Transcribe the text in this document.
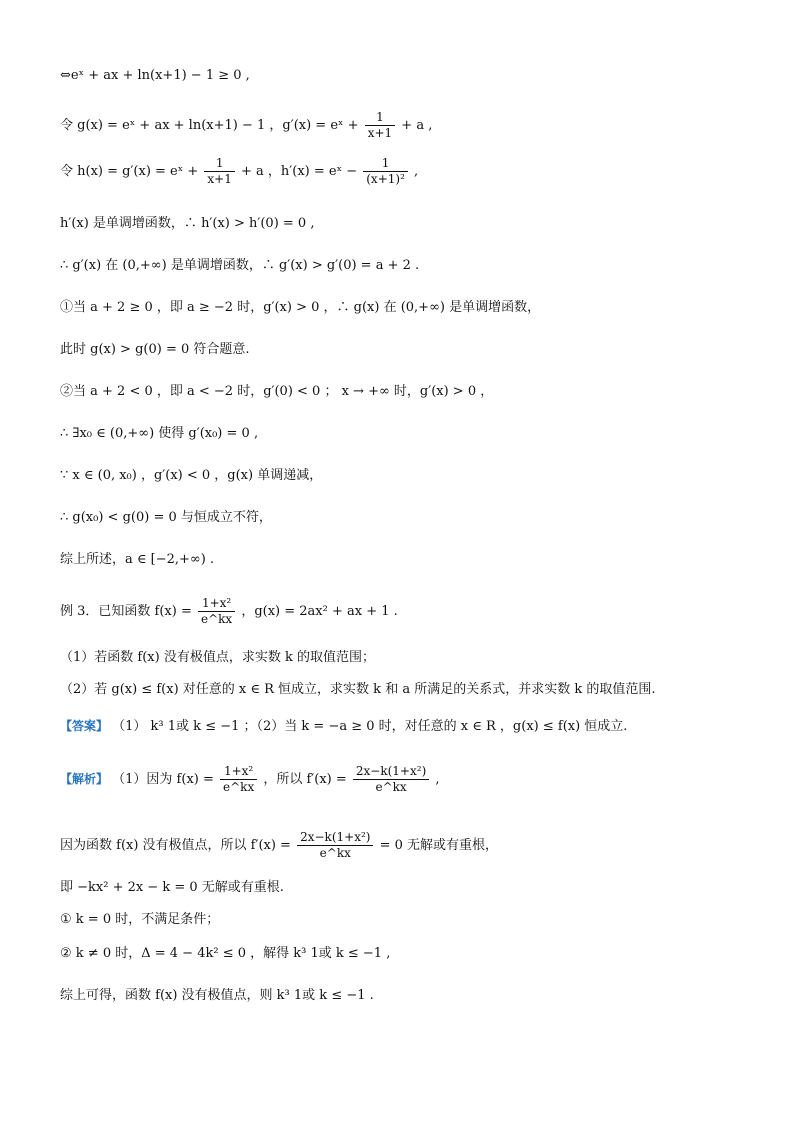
⇔eˣ + ax + ln(x+1) − 1 ≥ 0 ,
令 g(x) = eˣ + ax + ln(x+1) − 1 ，g′(x) = eˣ + $\frac{1}{x+1} + a$ ,
令 h(x) = g′(x) = eˣ + $\frac{1}{x+1} + a$ ，h′(x) = eˣ − $\frac{1}{\text{(x+1)²}}$ ,
h′(x) 是单调增函数，∴ h′(x) > h′(0) = 0 ,
∴ g′(x) 在 (0,+∞) 是单调增函数，∴ g′(x) > g′(0) = a + 2 .
①当 a + 2 ≥ 0 ，即 a ≥ −2 时，g′(x) > 0 ，∴ g(x) 在 (0,+∞) 是单调增函数，
此时 g(x) > g(0) = 0 符合题意.
②当 a + 2 < 0 ，即 a < −2 时，g′(0) < 0 ； x → +∞ 时，g′(x) > 0 ，
∴ ∃x₀ ∈ (0,+∞) 使得 g′(x₀) = 0 ,
∵ x ∈ (0, x₀) ，g′(x) < 0 ，g(x) 单调递减，
∴ g(x₀) < g(0) = 0 与恒成立不符，
综上所述，a ∈ [−2,+∞) .
例 3．已知函数 $f(x) = \frac{\text{1+x²}}{e\^{}kx}$ ，g(x) = 2ax² + ax + 1 .
（1）若函数 f(x) 没有极值点，求实数 k 的取值范围；
（2）若 g(x) ≤ f(x) 对任意的 x ∈ R 恒成立，求实数 k 和 a 所满足的关系式，并求实数 k 的取值范围.
【答案】 （1） k³ 1或 k ≤ −1 ；（2）当 k = −a ≥ 0 时，对任意的 x ∈ R ，g(x) ≤ f(x) 恒成立.
【解析】 （1）因为 $f(x) = \frac{\text{1+x²}}{e\^{}kx}$ ，所以 $f'(x) = \frac{\text{2x−k(1+x²)}}{e\^{}kx}$ ,
因为函数 f(x) 没有极值点，所以 $f'(x) = \frac{\text{2x−k(1+x²)}}{e\^{}kx} = 0$ 无解或有重根，
即 −kx² + 2x − k = 0 无解或有重根.
① k = 0 时，不满足条件；
② k ≠ 0 时，Δ = 4 − 4k² ≤ 0 ，解得 k³ 1或 k ≤ −1 ,
综上可得，函数 f(x) 没有极值点，则 k³ 1或 k ≤ −1 .
